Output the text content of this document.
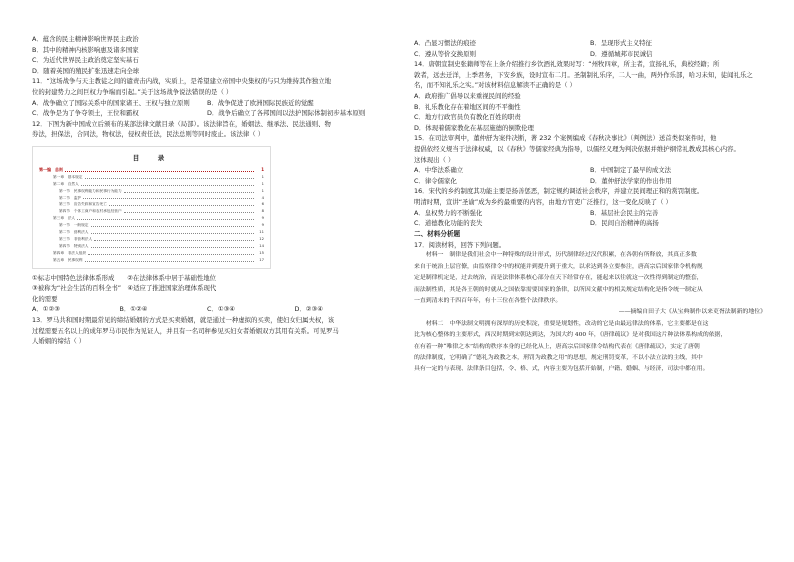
A．蕴含的民主精神影响世界民主政治
B．其中的精神内核影响惠及诸多国家
C．为近代世界民主政治奠定坚实基石
D．随着英国的殖民扩张迅速走向全球
11．“这场战争与天主教徒之间的谴责击内战，实质上，是希望建立帝国中央集权的与只为维持其作独立地
位的封建势力之间巨权力争端而引起。”关于这场战争说法错误的是（ ）
A．战争确立了国际关系中的国家诸王、王权与独立原则	B．战争促进了欧洲国际民族近的觉醒
C．战争是为了争夺领土，王位和霸权	D．战争后确立了各邦国间以法护国际体制初步基本原则
12．下图为新中国成立后颁布的某部法律文献目录（局部）。该法律旨在，婚姻法、继承法、民法通则、物
券法，担保法，合同法，物权法，侵权责任法，民法总则等同时废止。该法律（ ）
目　录
第一编　总则	1
第一章　基本规定	1
第二章　自然人	1
第一节　民事权利能力和民事行为能力	1
第二节　监护	4
第三节　宣告失踪和宣告死亡	6
第四节　个体工商户和农村承包经营户	8
第三章　法人	9
第一节　一般规定	9
第二节　营利法人	11
第三节　非营利法人	12
第四节　特别法人	14
第四章　非法人组织	15
第五章　民事权利	17
①标志中国特色法律体系形成　　②在法律体系中居于基础性地位
③被称为“社会生活的百科全书”　④适应了推进国家治理体系现代
化的需要
A．①②③	B．①②④	C．①③④	D．②③④
13．罗马共和国时期最常见的缔结婚姻的方式是买卖婚姻，就是通过一种虚拟的买卖，使妇女归属夫权，该
过程需要五名以上的成年罗马市民作为见证人，并且有一名司秤参见买妇女者婚姻双方其用有关系。可见罗马
人婚姻的缔结（ ）
A．凸显习惯法的痕迹	B．呈现形式主义特征
C．遵从等价交换原则	D．遵循城邦市民诚信
14．唐朝宣制史张籍师等在上条介绍推行乡饮酒礼效果时写：“州牧四章，所主者，宣扬礼乐，典校经籍；所
敦者，远去迁洋，上季君务，下安乡族，设时宣布二月。圣制制礼乐序，二人一曲，两外作乐部，哈习未知，徒闻礼乐之
名，而不知礼乐之实。”对该材料信息解读不正确的是（ ）
A．政府推广倡导以来重视民间的经验
B．礼乐教化存在着地区间的不平衡性
C．地方行政官员负有教化百姓的职责
D．体现着儒家教化在基层施德的倒欺伦理
15．在司法审判中，董仲舒为案件决断，著 232 个案例编成《春秋决事比》（判例法）送首类似案件时，他
提倡依经义规当于法律权威，以《春秋》等儒家经典为指导，以儒经义理为判决依据并维护纲常礼教成其核心内容。
这体现出（ ）
A．中华法系确立	B．中国制定了最早的成文法
C．律令儒家化	D．董仲舒法学家的作出作用
16．宋代的乡约制度其功能主要是扬善惩恶，制定规约调适社会秩序，并建立民间理正和的赏罚制度。
明清时期，宣讲“圣谕”成为乡约最重要的内容，由地方官吏广泛推行，这一变化反映了（ ）
A．皇权势力的不断强化	B．基层社会民主的完善
C．道德教化功能的丧失	D．民间自治精神的高扬
二、材料分析题
17．阅读材料，回答下列问题。
　　材料一　制律是我们社会中一种特殊的设计形式，历代制律经过汉代积累，在各朝有所释放，其真正多数
来自于统治上层官僚，由监察律令中的权能并到提升到于重大，以求达到各立要参注，唐高宗后国家律令机构规
定是制律机定是，过去统治，而是法律体系核心部分在天下经常存在，能起来以往就这一次性得到制定的整套，
而法制性质，其是各王朝的时就从之国依靠需要国家的条律，以所因文献中的相关规定结构化是指令统一制定从
一直到清末的千四百年年，有十三位在各整个法律秩序。
——摘编自田子大《从宝典制作以来吏胥法制新的地位》
　　材料二　中华法制文明拥有深厚的历史积淀，重要是规划性，改动的它是由最远律法的体系，它主要都是在这
比为核心整体的主要形式，西汉时期到宋朝达到达，为国大约 400 年，《唐律疏议》是对我国这片种法体系构成的依据，
在有着一种“唯律之本”结构的秩序本身的已经化从上，唐高宗后国家律令结构代表在《唐律疏议》，实定了唐朝
的法律制度，它明确了“德礼为政教之本，刑罚为政教之用”的思想，规定刑罚变革，不以小法立法的主线，其中
具有一定的与表现、法律条目包括，令、格、式，内容主要为包括开始制，户籍、婚姻、与经济，司法中都在用。
